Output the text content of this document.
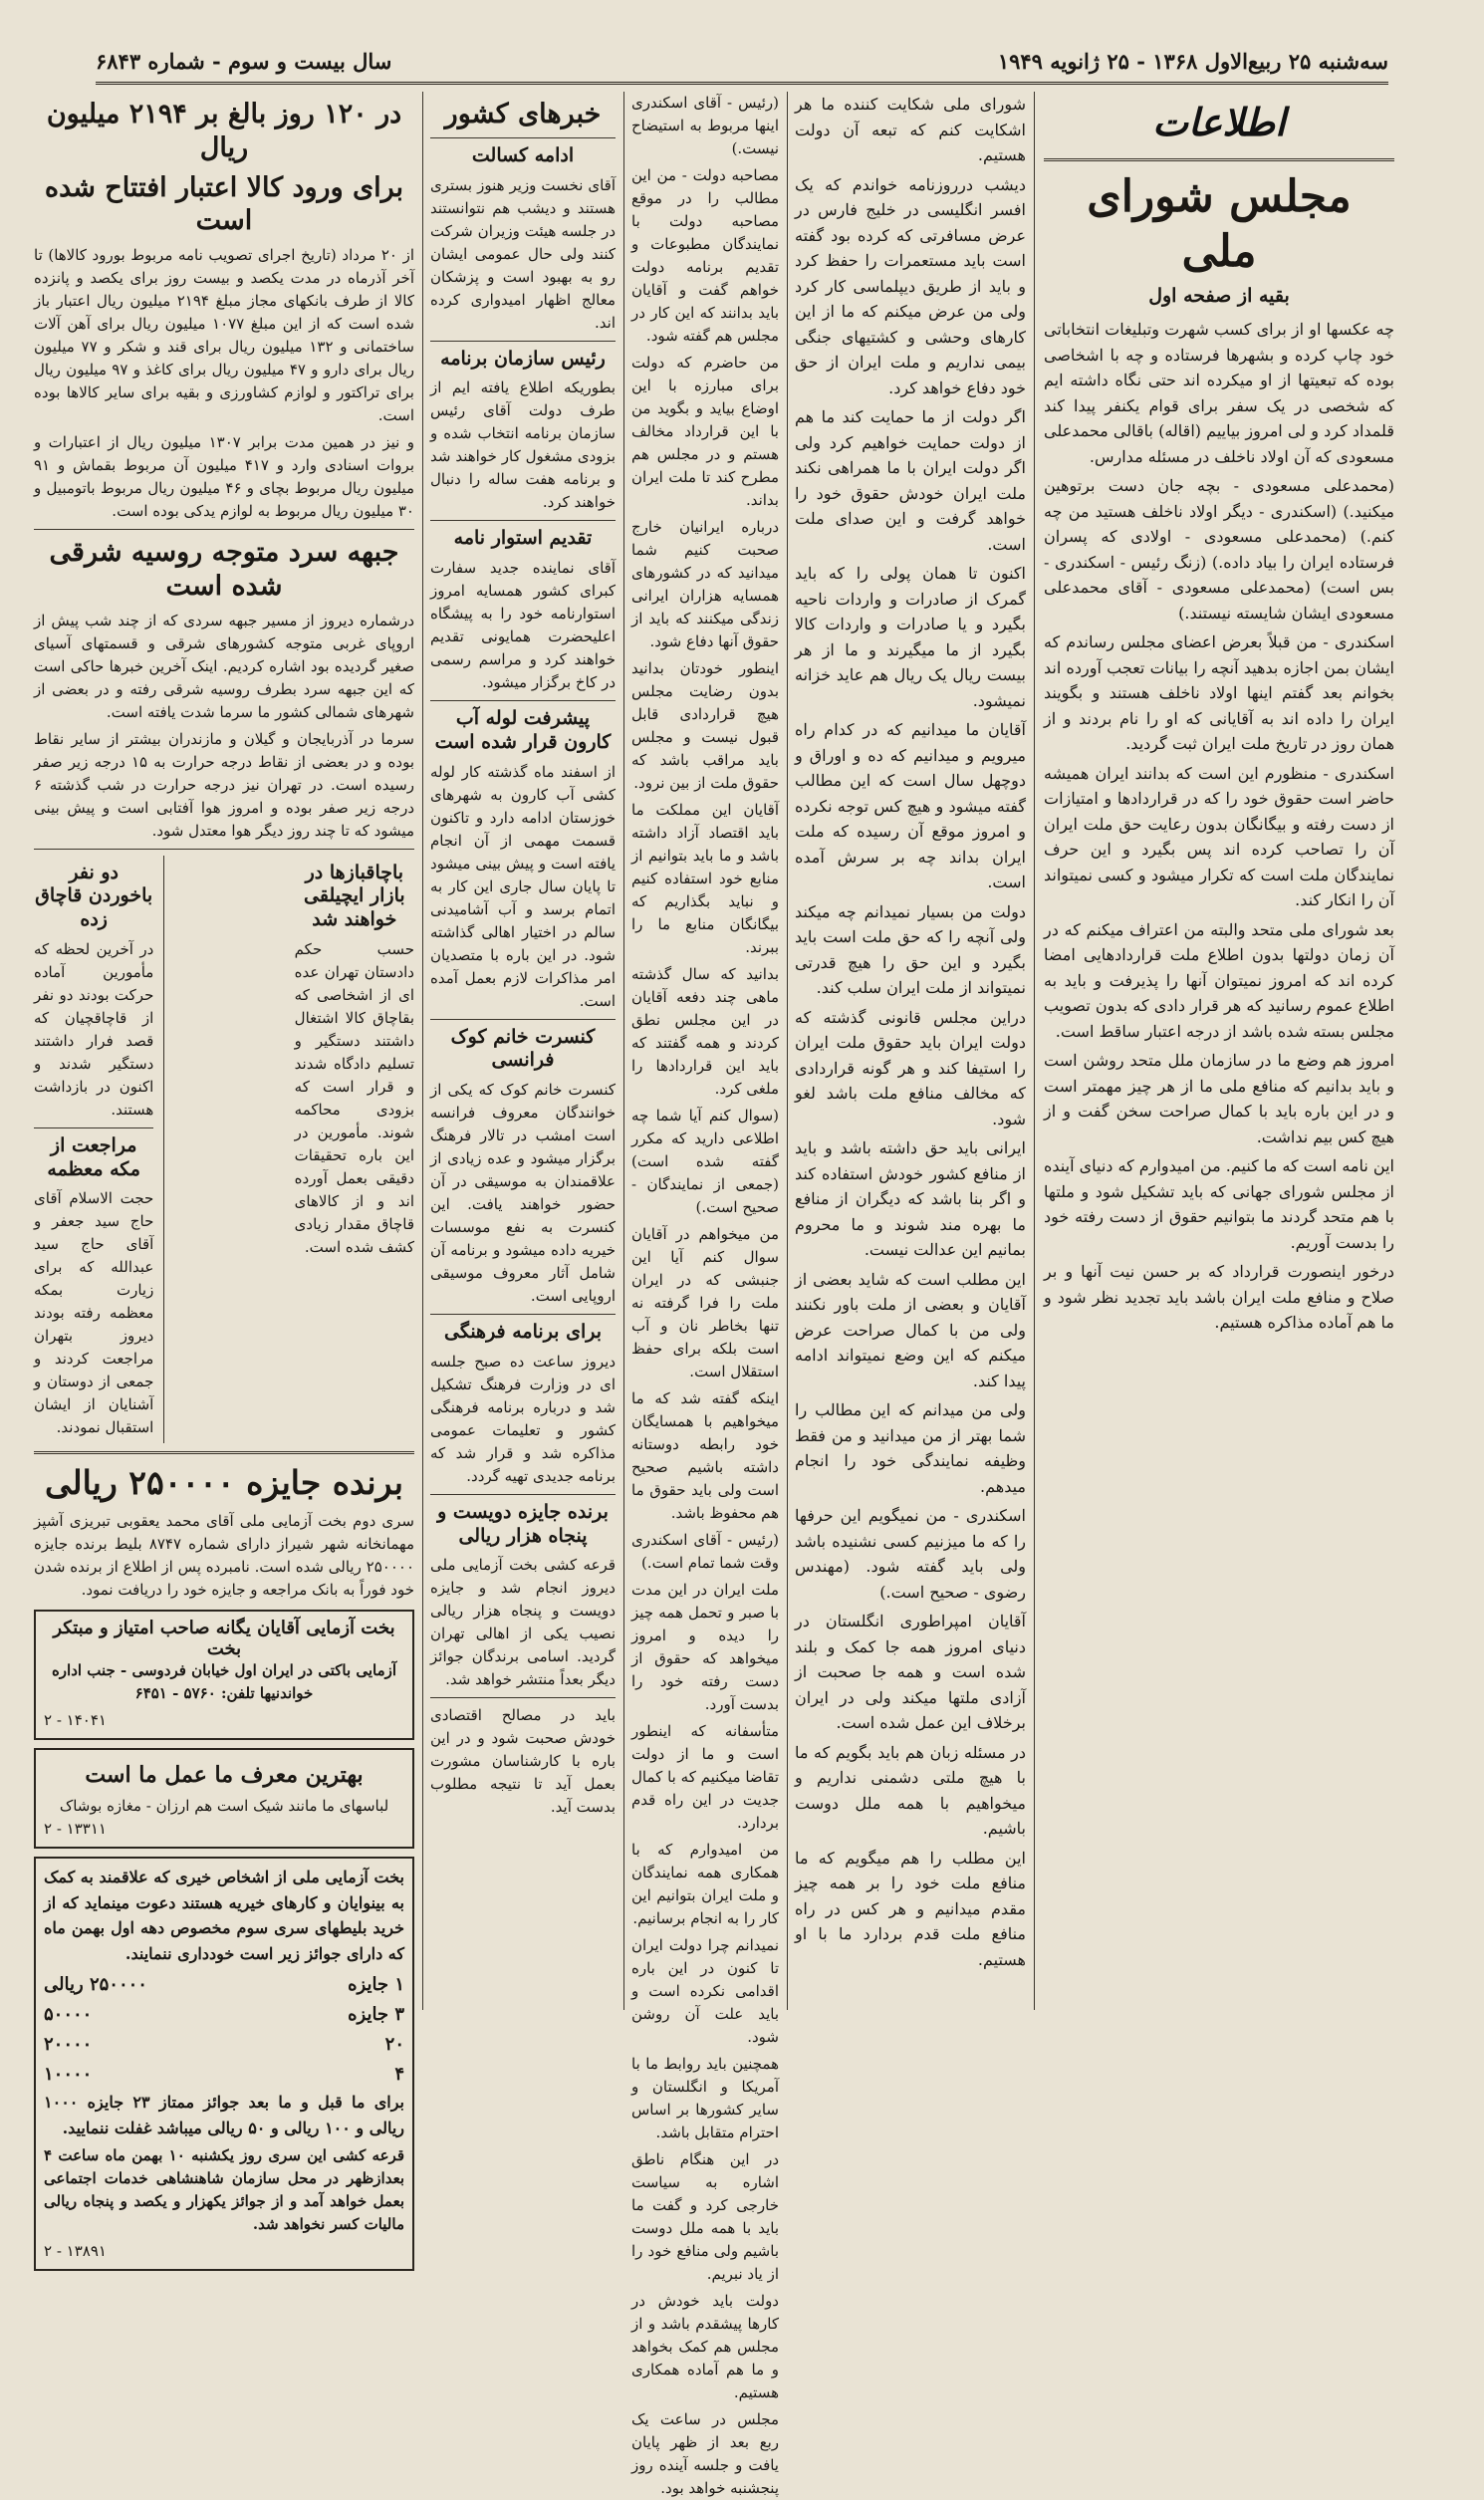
سه‌شنبه ۲۵ ربیع‌الاول ۱۳۶۸ - ۲۵ ژانویه ۱۹۴۹
سال بیست و سوم - شماره ۶۸۴۳
اطلاعات
مجلس شورای ملی
بقیه از صفحه اول

چه عکسها او از برای کسب شهرت وتبلیغات انتخاباتی خود چاپ کرده و بشهرها فرستاده و چه با اشخاصی بوده که تبعیتها از او میکرده اند حتی نگاه داشته ایم که شخصی در یک سفر برای قوام یکنفر پیدا کند قلمداد کرد و لی امروز بیاییم (اقاله) باقالی محمدعلی مسعودی که آن اولاد ناخلف در مسئله مدارس.

(محمدعلی مسعودی - بچه جان دست برتوهین میکنید.) (اسکندری - دیگر اولاد ناخلف هستید من چه کنم.) (محمدعلی مسعودی - اولادی که پسران فرستاده ایران را بیاد داده.) (زنگ رئیس - اسکندری - بس است) (محمدعلی مسعودی - آقای محمدعلی مسعودی ایشان شایسته نیستند.)

اسکندری - من قبلاً بعرض اعضای مجلس رساندم که ایشان بمن اجازه بدهید آنچه را بیانات تعجب آورده اند بخوانم بعد گفتم اینها اولاد ناخلف هستند و بگویند ایران را داده اند به آقایانی که او را نام بردند و از همان روز در تاریخ ملت ایران ثبت گردید.

اسکندری - منظورم این است که بدانند ایران همیشه حاضر است حقوق خود را که در قراردادها و امتیازات از دست رفته و بیگانگان بدون رعایت حق ملت ایران آن را تصاحب کرده اند پس بگیرد و این حرف نمایندگان ملت است که تکرار میشود و کسی نمیتواند آن را انکار کند.

بعد شورای ملی متحد والبته من اعتراف میکنم که در آن زمان دولتها بدون اطلاع ملت قراردادهایی امضا کرده اند که امروز نمیتوان آنها را پذیرفت و باید به اطلاع عموم رسانید که هر قرار دادی که بدون تصویب مجلس بسته شده باشد از درجه اعتبار ساقط است.

امروز هم وضع ما در سازمان ملل متحد روشن است و باید بدانیم که منافع ملی ما از هر چیز مهمتر است و در این باره باید با کمال صراحت سخن گفت و از هیچ کس بیم نداشت.

این نامه است که ما کنیم. من امیدوارم که دنیای آینده از مجلس شورای جهانی که باید تشکیل شود و ملتها با هم متحد گردند ما بتوانیم حقوق از دست رفته خود را بدست آوریم.

درخور اینصورت قرارداد که بر حسن نیت آنها و بر صلاح و منافع ملت ایران باشد باید تجدید نظر شود و ما هم آماده مذاکره هستیم.

شورای ملی شکایت کننده ما هر اشکایت کنم که تبعه آن دولت هستیم.

دیشب درروزنامه خواندم که یک افسر انگلیسی در خلیج فارس در عرض مسافرتی که کرده بود گفته است باید مستعمرات را حفظ کرد و باید از طریق دیپلماسی کار کرد ولی من عرض میکنم که ما از این کارهای وحشی و کشتیهای جنگی بیمی نداریم و ملت ایران از حق خود دفاع خواهد کرد.

اگر دولت از ما حمایت کند ما هم از دولت حمایت خواهیم کرد ولی اگر دولت ایران با ما همراهی نکند ملت ایران خودش حقوق خود را خواهد گرفت و این صدای ملت است.

اکنون تا همان پولی را که باید گمرک از صادرات و واردات ناحیه بگیرد و یا صادرات و واردات کالا بگیرد از ما میگیرند و ما از هر بیست ریال یک ریال هم عاید خزانه نمیشود.

آقایان ما میدانیم که در کدام راه میرویم و میدانیم که ده و اوراق و دوچهل سال است که این مطالب گفته میشود و هیچ کس توجه نکرده و امروز موقع آن رسیده که ملت ایران بداند چه بر سرش آمده است.

دولت من بسیار نمیدانم چه میکند ولی آنچه را که حق ملت است باید بگیرد و این حق را هیچ قدرتی نمیتواند از ملت ایران سلب کند.

دراین مجلس قانونی گذشته که دولت ایران باید حقوق ملت ایران را استیفا کند و هر گونه قراردادی که مخالف منافع ملت باشد لغو شود.

ایرانی باید حق داشته باشد و باید از منافع کشور خودش استفاده کند و اگر بنا باشد که دیگران از منافع ما بهره مند شوند و ما محروم بمانیم این عدالت نیست.

این مطلب است که شاید بعضی از آقایان و بعضی از ملت باور نکنند ولی من با کمال صراحت عرض میکنم که این وضع نمیتواند ادامه پیدا کند.

ولی من میدانم که این مطالب را شما بهتر از من میدانید و من فقط وظیفه نمایندگی خود را انجام میدهم.

اسکندری - من نمیگویم این حرفها را که ما میزنیم کسی نشنیده باشد ولی باید گفته شود. (مهندس رضوی - صحیح است.)

آقایان امپراطوری انگلستان در دنیای امروز همه جا کمک و بلند شده است و همه جا صحبت از آزادی ملتها میکند ولی در ایران برخلاف این عمل شده است.

در مسئله زبان هم باید بگویم که ما با هیچ ملتی دشمنی نداریم و میخواهیم با همه ملل دوست باشیم.

این مطلب را هم میگویم که ما منافع ملت خود را بر همه چیز مقدم میدانیم و هر کس در راه منافع ملت قدم بردارد ما با او هستیم.

(رئیس - آقای اسکندری اینها مربوط به استیضاح نیست.)

مصاحبه دولت - من این مطالب را در موقع مصاحبه دولت با نمایندگان مطبوعات و تقدیم برنامه دولت خواهم گفت و آقایان باید بدانند که این کار در مجلس هم گفته شود.

من حاضرم که دولت برای مبارزه با این اوضاع بیاید و بگوید من با این قرارداد مخالف هستم و در مجلس هم مطرح کند تا ملت ایران بداند.

درباره ایرانیان خارج صحبت کنیم شما میدانید که در کشورهای همسایه هزاران ایرانی زندگی میکنند که باید از حقوق آنها دفاع شود.

اینطور خودتان بدانید بدون رضایت مجلس هیچ قراردادی قابل قبول نیست و مجلس باید مراقب باشد که حقوق ملت از بین نرود.

آقایان این مملکت ما باید اقتصاد آزاد داشته باشد و ما باید بتوانیم از منابع خود استفاده کنیم و نباید بگذاریم که بیگانگان منابع ما را ببرند.

بدانید که سال گذشته ماهی چند دفعه آقایان در این مجلس نطق کردند و همه گفتند که باید این قراردادها را ملغی کرد.

(سوال کنم آیا شما چه اطلاعی دارید که مکرر گفته شده است) (جمعی از نمایندگان - صحیح است.)

من میخواهم در آقایان سوال کنم آیا این جنبشی که در ایران ملت را فرا گرفته نه تنها بخاطر نان و آب است بلکه برای حفظ استقلال است.

اینکه گفته شد که ما میخواهیم با همسایگان خود رابطه دوستانه داشته باشیم صحیح است ولی باید حقوق ما هم محفوظ باشد.

(رئیس - آقای اسکندری وقت شما تمام است.)

ملت ایران در این مدت با صبر و تحمل همه چیز را دیده و امروز میخواهد که حقوق از دست رفته خود را بدست آورد.

متأسفانه که اینطور است و ما از دولت تقاضا میکنیم که با کمال جدیت در این راه قدم بردارد.

من امیدوارم که با همکاری همه نمایندگان و ملت ایران بتوانیم این کار را به انجام برسانیم.

نمیدانم چرا دولت ایران تا کنون در این باره اقدامی نکرده است و باید علت آن روشن شود.

همچنین باید روابط ما با آمریکا و انگلستان و سایر کشورها بر اساس احترام متقابل باشد.

در این هنگام ناطق اشاره به سیاست خارجی کرد و گفت ما باید با همه ملل دوست باشیم ولی منافع خود را از یاد نبریم.

دولت باید خودش در کارها پیشقدم باشد و از مجلس هم کمک بخواهد و ما هم آماده همکاری هستیم.

مجلس در ساعت یک ربع بعد از ظهر پایان یافت و جلسه آینده روز پنجشنبه خواهد بود.

خبرهای کشور
ادامه کسالت

آقای نخست وزیر هنوز بستری هستند و دیشب هم نتوانستند در جلسه هیئت وزیران شرکت کنند ولی حال عمومی ایشان رو به بهبود است و پزشکان معالج اظهار امیدواری کرده اند.

رئیس سازمان برنامه

بطوریکه اطلاع یافته ایم از طرف دولت آقای رئیس سازمان برنامه انتخاب شده و بزودی مشغول کار خواهند شد و برنامه هفت ساله را دنبال خواهند کرد.

تقدیم استوار نامه

آقای نماینده جدید سفارت کبرای کشور همسایه امروز استوارنامه خود را به پیشگاه اعلیحضرت همایونی تقدیم خواهند کرد و مراسم رسمی در کاخ برگزار میشود.

پیشرفت لوله آب کارون قرار شده است

از اسفند ماه گذشته کار لوله کشی آب کارون به شهرهای خوزستان ادامه دارد و تاکنون قسمت مهمی از آن انجام یافته است و پیش بینی میشود تا پایان سال جاری این کار به اتمام برسد و آب آشامیدنی سالم در اختیار اهالی گذاشته شود. در این باره با متصدیان امر مذاکرات لازم بعمل آمده است.

کنسرت خانم کوک فرانسی

کنسرت خانم کوک که یکی از خوانندگان معروف فرانسه است امشب در تالار فرهنگ برگزار میشود و عده زیادی از علاقمندان به موسیقی در آن حضور خواهند یافت. این کنسرت به نفع موسسات خیریه داده میشود و برنامه آن شامل آثار معروف موسیقی اروپایی است.

برای برنامه فرهنگی

دیروز ساعت ده صبح جلسه ای در وزارت فرهنگ تشکیل شد و درباره برنامه فرهنگی کشور و تعلیمات عمومی مذاکره شد و قرار شد که برنامه جدیدی تهیه گردد.

برنده جایزه دویست و پنجاه هزار ریالی

قرعه کشی بخت آزمایی ملی دیروز انجام شد و جایزه دویست و پنجاه هزار ریالی نصیب یکی از اهالی تهران گردید. اسامی برندگان جوائز دیگر بعداً منتشر خواهد شد.

باید در مصالح اقتصادی خودش صحبت شود و در این باره با کارشناسان مشورت بعمل آید تا نتیجه مطلوب بدست آید.

در ۱۲۰ روز بالغ بر ۲۱۹۴ میلیون ریال
برای ورود کالا اعتبار افتتاح شده است

از ۲۰ مرداد (تاریخ اجرای تصویب نامه مربوط بورود کالاها) تا آخر آذرماه در مدت یکصد و بیست روز برای یکصد و پانزده کالا از طرف بانکهای مجاز مبلغ ۲۱۹۴ میلیون ریال اعتبار باز شده است که از این مبلغ ۱۰۷۷ میلیون ریال برای آهن آلات ساختمانی و ۱۳۲ میلیون ریال برای قند و شکر و ۷۷ میلیون ریال برای دارو و ۴۷ میلیون ریال برای کاغذ و ۹۷ میلیون ریال برای تراکتور و لوازم کشاورزی و بقیه برای سایر کالاها بوده است.

و نیز در همین مدت برابر ۱۳۰۷ میلیون ریال از اعتبارات و بروات اسنادی وارد و ۴۱۷ میلیون آن مربوط بقماش و ۹۱ میلیون ریال مربوط بچای و ۴۶ میلیون ریال مربوط باتومبیل و ۳۰ میلیون ریال مربوط به لوازم یدکی بوده است.

جبهه سرد متوجه روسیه شرقی شده است

درشماره دیروز از مسیر جبهه سردی که از چند شب پیش از اروپای غربی متوجه کشورهای شرقی و قسمتهای آسیای صغیر گردیده بود اشاره کردیم. اینک آخرین خبرها حاکی است که این جبهه سرد بطرف روسیه شرقی رفته و در بعضی از شهرهای شمالی کشور ما سرما شدت یافته است.

سرما در آذربایجان و گیلان و مازندران بیشتر از سایر نقاط بوده و در بعضی از نقاط درجه حرارت به ۱۵ درجه زیر صفر رسیده است. در تهران نیز درجه حرارت در شب گذشته ۶ درجه زیر صفر بوده و امروز هوا آفتابی است و پیش بینی میشود که تا چند روز دیگر هوا معتدل شود.

باچاقبازها در بازار ایچیلقی خواهند شد

حسب حکم دادستان تهران عده ای از اشخاصی که بقاچاق کالا اشتغال داشتند دستگیر و تسلیم دادگاه شدند و قرار است که بزودی محاکمه شوند. مأمورین در این باره تحقیقات دقیقی بعمل آورده اند و از کالاهای قاچاق مقدار زیادی کشف شده است.

دو نفر باخوردن قاچاق زده

در آخرین لحظه که مأمورین آماده حرکت بودند دو نفر از قاچاقچیان که قصد فرار داشتند دستگیر شدند و اکنون در بازداشت هستند.

مراجعت از مکه معظمه

حجت الاسلام آقای حاج سید جعفر و آقای حاج سید عبدالله که برای زیارت بمکه معظمه رفته بودند دیروز بتهران مراجعت کردند و جمعی از دوستان و آشنایان از ایشان استقبال نمودند.

برنده جایزه ۲۵۰۰۰۰ ریالی

سری دوم بخت آزمایی ملی آقای محمد یعقوبی تبریزی آشپز مهمانخانه شهر شیراز دارای شماره ۸۷۴۷ بلیط برنده جایزه ۲۵۰۰۰۰ ریالی شده است. نامبرده پس از اطلاع از برنده شدن خود فوراً به بانک مراجعه و جایزه خود را دریافت نمود.

بخت آزمایی آقایان یگانه صاحب امتیاز و مبتکر بخت

آزمایی باکتی در ایران اول خیابان فردوسی - جنب اداره خواندنیها تلفن: ۵۷۶۰ - ۶۴۵۱

۱۴۰۴۱ - ۲
بهترین معرف ما عمل ما است
لباسهای ما مانند شیک است هم ارزان - مغازه بوشاک
۱۳۳۱۱ - ۲

بخت آزمایی ملی از اشخاص خیری که علاقمند به کمک به بینوایان و کارهای خیریه هستند دعوت مینماید که از خرید بلیطهای سری سوم مخصوص دهه اول بهمن ماه که دارای جوائز زیر است خودداری ننمایند.

۱ جایزه
۲۵۰۰۰۰ ریالی
۳ جایزه
۵۰۰۰۰
۲۰
۲۰۰۰۰
۴
۱۰۰۰۰

برای ما قبل و ما بعد جوائز ممتاز ۲۳ جایزه ۱۰۰۰ ریالی و ۱۰۰ ریالی و ۵۰ ریالی میباشد غفلت ننمایید.

قرعه کشی این سری روز یکشنبه ۱۰ بهمن ماه ساعت ۴ بعدازظهر در محل سازمان شاهنشاهی خدمات اجتماعی بعمل خواهد آمد و از جوائز یکهزار و یکصد و پنجاه ریالی مالیات کسر نخواهد شد.

۱۳۸۹۱ - ۲
